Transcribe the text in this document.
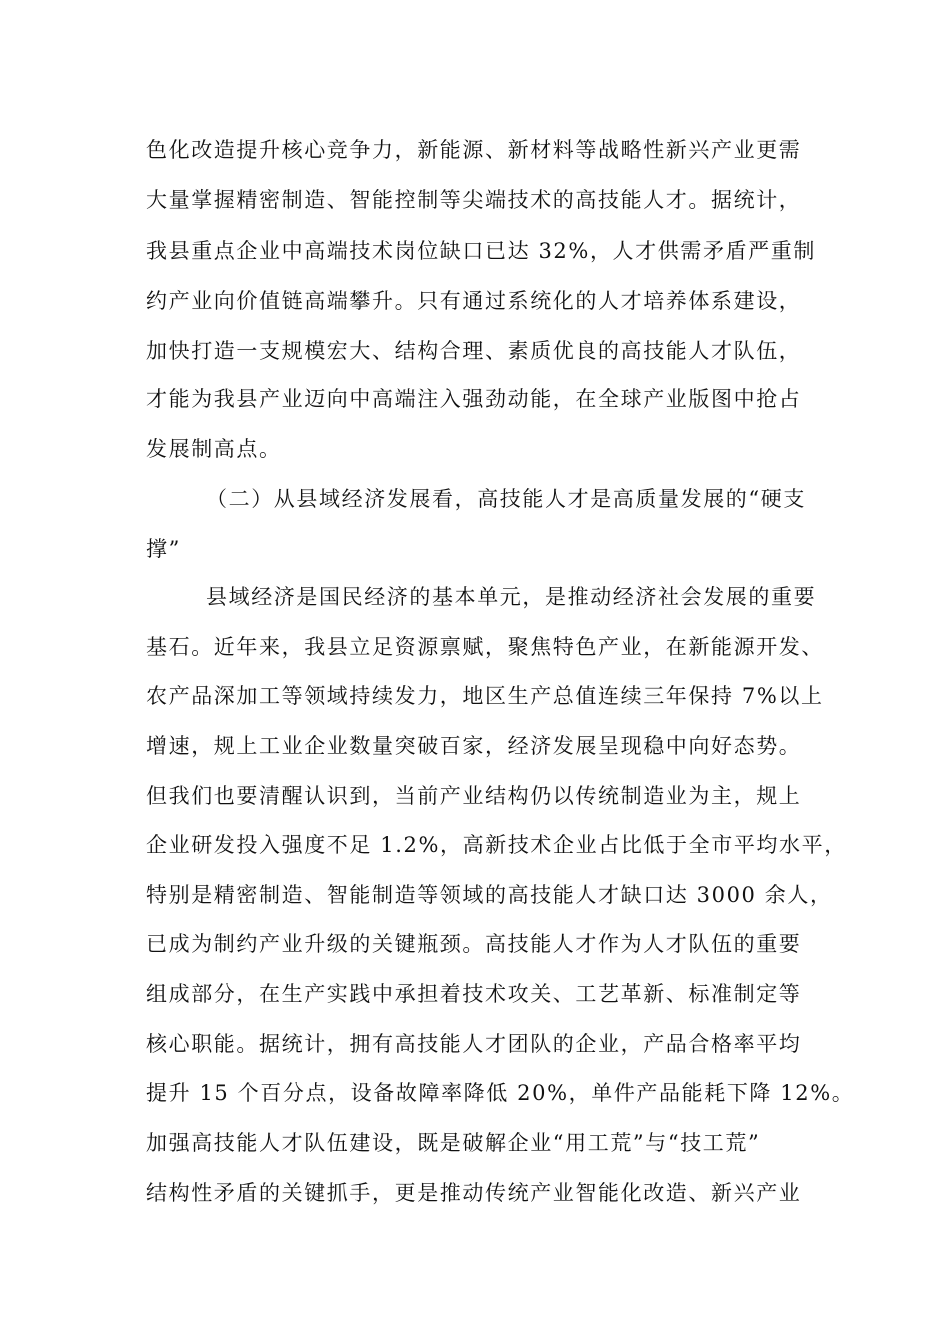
色化改造提升核心竞争力，新能源、新材料等战略性新兴产业更需
大量掌握精密制造、智能控制等尖端技术的高技能人才。据统计，
我县重点企业中高端技术岗位缺口已达 32%，人才供需矛盾严重制
约产业向价值链高端攀升。只有通过系统化的人才培养体系建设，
加快打造一支规模宏大、结构合理、素质优良的高技能人才队伍，
才能为我县产业迈向中高端注入强劲动能，在全球产业版图中抢占
发展制高点。
（二）从县域经济发展看，高技能人才是高质量发展的“硬支
撑”
县域经济是国民经济的基本单元，是推动经济社会发展的重要
基石。近年来，我县立足资源禀赋，聚焦特色产业，在新能源开发、
农产品深加工等领域持续发力，地区生产总值连续三年保持 7%以上
增速，规上工业企业数量突破百家，经济发展呈现稳中向好态势。
但我们也要清醒认识到，当前产业结构仍以传统制造业为主，规上
企业研发投入强度不足 1.2%，高新技术企业占比低于全市平均水平，
特别是精密制造、智能制造等领域的高技能人才缺口达 3000 余人，
已成为制约产业升级的关键瓶颈。高技能人才作为人才队伍的重要
组成部分，在生产实践中承担着技术攻关、工艺革新、标准制定等
核心职能。据统计，拥有高技能人才团队的企业，产品合格率平均
提升 15 个百分点，设备故障率降低 20%，单件产品能耗下降 12%。
加强高技能人才队伍建设，既是破解企业“用工荒”与“技工荒”
结构性矛盾的关键抓手，更是推动传统产业智能化改造、新兴产业
